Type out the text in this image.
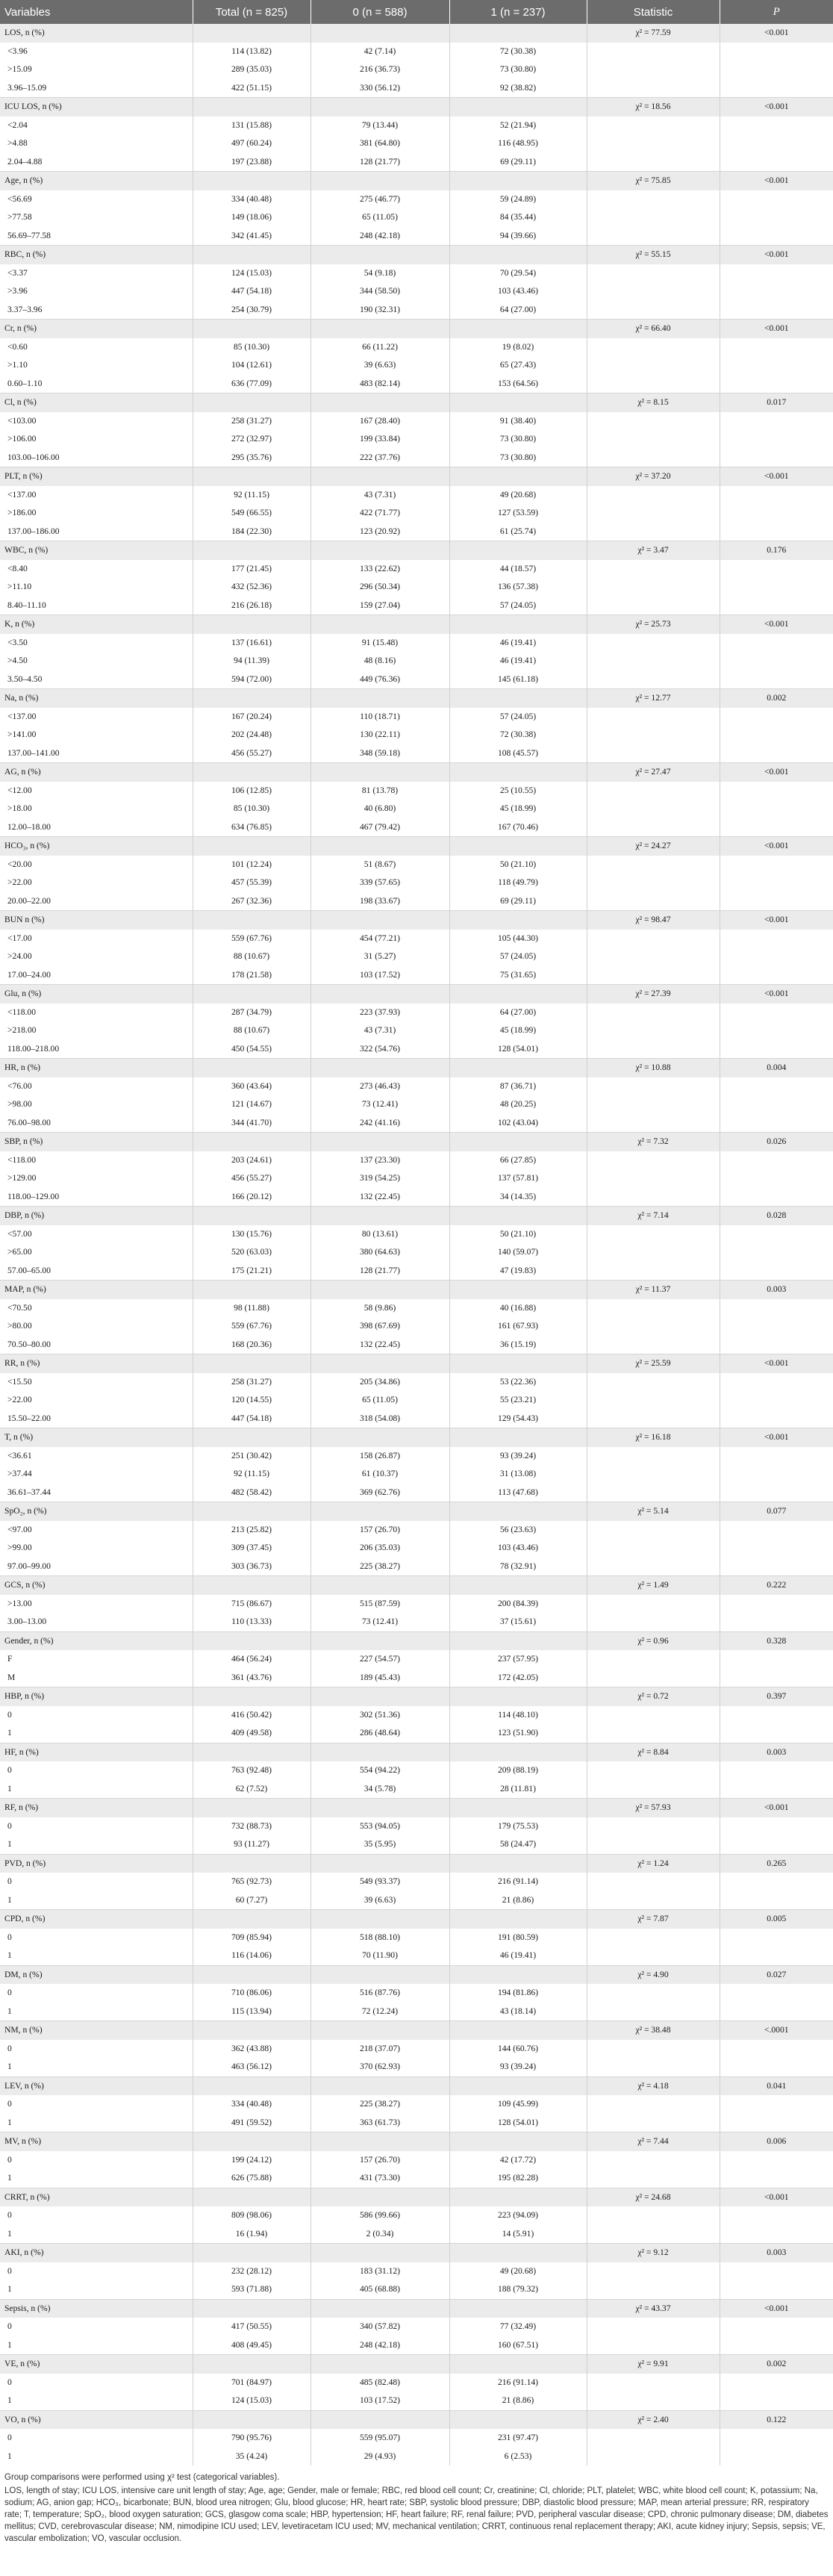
Variables	Total (n = 825)	0 (n = 588)	1 (n = 237)	Statistic	P
LOS, n (%)				χ² = 77.59	<0.001
<3.96	114 (13.82)	42 (7.14)	72 (30.38)		
>15.09	289 (35.03)	216 (36.73)	73 (30.80)		
3.96–15.09	422 (51.15)	330 (56.12)	92 (38.82)		
ICU LOS, n (%)				χ² = 18.56	<0.001
<2.04	131 (15.88)	79 (13.44)	52 (21.94)		
>4.88	497 (60.24)	381 (64.80)	116 (48.95)		
2.04–4.88	197 (23.88)	128 (21.77)	69 (29.11)		
Age, n (%)				χ² = 75.85	<0.001
<56.69	334 (40.48)	275 (46.77)	59 (24.89)		
>77.58	149 (18.06)	65 (11.05)	84 (35.44)		
56.69–77.58	342 (41.45)	248 (42.18)	94 (39.66)		
RBC, n (%)				χ² = 55.15	<0.001
<3.37	124 (15.03)	54 (9.18)	70 (29.54)		
>3.96	447 (54.18)	344 (58.50)	103 (43.46)		
3.37–3.96	254 (30.79)	190 (32.31)	64 (27.00)		
Cr, n (%)				χ² = 66.40	<0.001
<0.60	85 (10.30)	66 (11.22)	19 (8.02)		
>1.10	104 (12.61)	39 (6.63)	65 (27.43)		
0.60–1.10	636 (77.09)	483 (82.14)	153 (64.56)		
Cl, n (%)				χ² = 8.15	0.017
<103.00	258 (31.27)	167 (28.40)	91 (38.40)		
>106.00	272 (32.97)	199 (33.84)	73 (30.80)		
103.00–106.00	295 (35.76)	222 (37.76)	73 (30.80)		
PLT, n (%)				χ² = 37.20	<0.001
<137.00	92 (11.15)	43 (7.31)	49 (20.68)		
>186.00	549 (66.55)	422 (71.77)	127 (53.59)		
137.00–186.00	184 (22.30)	123 (20.92)	61 (25.74)		
WBC, n (%)				χ² = 3.47	0.176
<8.40	177 (21.45)	133 (22.62)	44 (18.57)		
>11.10	432 (52.36)	296 (50.34)	136 (57.38)		
8.40–11.10	216 (26.18)	159 (27.04)	57 (24.05)		
K, n (%)				χ² = 25.73	<0.001
<3.50	137 (16.61)	91 (15.48)	46 (19.41)		
>4.50	94 (11.39)	48 (8.16)	46 (19.41)		
3.50–4.50	594 (72.00)	449 (76.36)	145 (61.18)		
Na, n (%)				χ² = 12.77	0.002
<137.00	167 (20.24)	110 (18.71)	57 (24.05)		
>141.00	202 (24.48)	130 (22.11)	72 (30.38)		
137.00–141.00	456 (55.27)	348 (59.18)	108 (45.57)		
AG, n (%)				χ² = 27.47	<0.001
<12.00	106 (12.85)	81 (13.78)	25 (10.55)		
>18.00	85 (10.30)	40 (6.80)	45 (18.99)		
12.00–18.00	634 (76.85)	467 (79.42)	167 (70.46)		
HCO₃, n (%)				χ² = 24.27	<0.001
<20.00	101 (12.24)	51 (8.67)	50 (21.10)		
>22.00	457 (55.39)	339 (57.65)	118 (49.79)		
20.00–22.00	267 (32.36)	198 (33.67)	69 (29.11)		
BUN n (%)				χ² = 98.47	<0.001
<17.00	559 (67.76)	454 (77.21)	105 (44.30)		
>24.00	88 (10.67)	31 (5.27)	57 (24.05)		
17.00–24.00	178 (21.58)	103 (17.52)	75 (31.65)		
Glu, n (%)				χ² = 27.39	<0.001
<118.00	287 (34.79)	223 (37.93)	64 (27.00)		
>218.00	88 (10.67)	43 (7.31)	45 (18.99)		
118.00–218.00	450 (54.55)	322 (54.76)	128 (54.01)		
HR, n (%)				χ² = 10.88	0.004
<76.00	360 (43.64)	273 (46.43)	87 (36.71)		
>98.00	121 (14.67)	73 (12.41)	48 (20.25)		
76.00–98.00	344 (41.70)	242 (41.16)	102 (43.04)		
SBP, n (%)				χ² = 7.32	0.026
<118.00	203 (24.61)	137 (23.30)	66 (27.85)		
>129.00	456 (55.27)	319 (54.25)	137 (57.81)		
118.00–129.00	166 (20.12)	132 (22.45)	34 (14.35)		
DBP, n (%)				χ² = 7.14	0.028
<57.00	130 (15.76)	80 (13.61)	50 (21.10)		
>65.00	520 (63.03)	380 (64.63)	140 (59.07)		
57.00–65.00	175 (21.21)	128 (21.77)	47 (19.83)		
MAP, n (%)				χ² = 11.37	0.003
<70.50	98 (11.88)	58 (9.86)	40 (16.88)		
>80.00	559 (67.76)	398 (67.69)	161 (67.93)		
70.50–80.00	168 (20.36)	132 (22.45)	36 (15.19)		
RR, n (%)				χ² = 25.59	<0.001
<15.50	258 (31.27)	205 (34.86)	53 (22.36)		
>22.00	120 (14.55)	65 (11.05)	55 (23.21)		
15.50–22.00	447 (54.18)	318 (54.08)	129 (54.43)		
T, n (%)				χ² = 16.18	<0.001
<36.61	251 (30.42)	158 (26.87)	93 (39.24)		
>37.44	92 (11.15)	61 (10.37)	31 (13.08)		
36.61–37.44	482 (58.42)	369 (62.76)	113 (47.68)		
SpO₂, n (%)				χ² = 5.14	0.077
<97.00	213 (25.82)	157 (26.70)	56 (23.63)		
>99.00	309 (37.45)	206 (35.03)	103 (43.46)		
97.00–99.00	303 (36.73)	225 (38.27)	78 (32.91)		
GCS, n (%)				χ² = 1.49	0.222
>13.00	715 (86.67)	515 (87.59)	200 (84.39)		
3.00–13.00	110 (13.33)	73 (12.41)	37 (15.61)		
Gender, n (%)				χ² = 0.96	0.328
F	464 (56.24)	227 (54.57)	237 (57.95)		
M	361 (43.76)	189 (45.43)	172 (42.05)		
HBP, n (%)				χ² = 0.72	0.397
0	416 (50.42)	302 (51.36)	114 (48.10)		
1	409 (49.58)	286 (48.64)	123 (51.90)		
HF, n (%)				χ² = 8.84	0.003
0	763 (92.48)	554 (94.22)	209 (88.19)		
1	62 (7.52)	34 (5.78)	28 (11.81)		
RF, n (%)				χ² = 57.93	<0.001
0	732 (88.73)	553 (94.05)	179 (75.53)		
1	93 (11.27)	35 (5.95)	58 (24.47)		
PVD, n (%)				χ² = 1.24	0.265
0	765 (92.73)	549 (93.37)	216 (91.14)		
1	60 (7.27)	39 (6.63)	21 (8.86)		
CPD, n (%)				χ² = 7.87	0.005
0	709 (85.94)	518 (88.10)	191 (80.59)		
1	116 (14.06)	70 (11.90)	46 (19.41)		
DM, n (%)				χ² = 4.90	0.027
0	710 (86.06)	516 (87.76)	194 (81.86)		
1	115 (13.94)	72 (12.24)	43 (18.14)		
NM, n (%)				χ² = 38.48	<.0001
0	362 (43.88)	218 (37.07)	144 (60.76)		
1	463 (56.12)	370 (62.93)	93 (39.24)		
LEV, n (%)				χ² = 4.18	0.041
0	334 (40.48)	225 (38.27)	109 (45.99)		
1	491 (59.52)	363 (61.73)	128 (54.01)		
MV, n (%)				χ² = 7.44	0.006
0	199 (24.12)	157 (26.70)	42 (17.72)		
1	626 (75.88)	431 (73.30)	195 (82.28)		
CRRT, n (%)				χ² = 24.68	<0.001
0	809 (98.06)	586 (99.66)	223 (94.09)		
1	16 (1.94)	2 (0.34)	14 (5.91)		
AKI, n (%)				χ² = 9.12	0.003
0	232 (28.12)	183 (31.12)	49 (20.68)		
1	593 (71.88)	405 (68.88)	188 (79.32)		
Sepsis, n (%)				χ² = 43.37	<0.001
0	417 (50.55)	340 (57.82)	77 (32.49)		
1	408 (49.45)	248 (42.18)	160 (67.51)		
VE, n (%)				χ² = 9.91	0.002
0	701 (84.97)	485 (82.48)	216 (91.14)		
1	124 (15.03)	103 (17.52)	21 (8.86)		
VO, n (%)				χ² = 2.40	0.122
0	790 (95.76)	559 (95.07)	231 (97.47)		
1	35 (4.24)	29 (4.93)	6 (2.53)		

Group comparisons were performed using χ² test (categorical variables).

LOS, length of stay; ICU LOS, intensive care unit length of stay; Age, age; Gender, male or female; RBC, red blood cell count; Cr, creatinine; Cl, chloride; PLT, platelet; WBC, white blood cell count; K, potassium; Na, sodium; AG, anion gap; HCO₃, bicarbonate; BUN, blood urea nitrogen; Glu, blood glucose; HR, heart rate; SBP, systolic blood pressure; DBP, diastolic blood pressure; MAP, mean arterial pressure; RR, respiratory rate; T, temperature; SpO₂, blood oxygen saturation; GCS, glasgow coma scale; HBP, hypertension; HF, heart failure; RF, renal failure; PVD, peripheral vascular disease; CPD, chronic pulmonary disease; DM, diabetes mellitus; CVD, cerebrovascular disease; NM, nimodipine ICU used; LEV, levetiracetam ICU used; MV, mechanical ventilation; CRRT, continuous renal replacement therapy; AKI, acute kidney injury; Sepsis, sepsis; VE, vascular embolization; VO, vascular occlusion.
